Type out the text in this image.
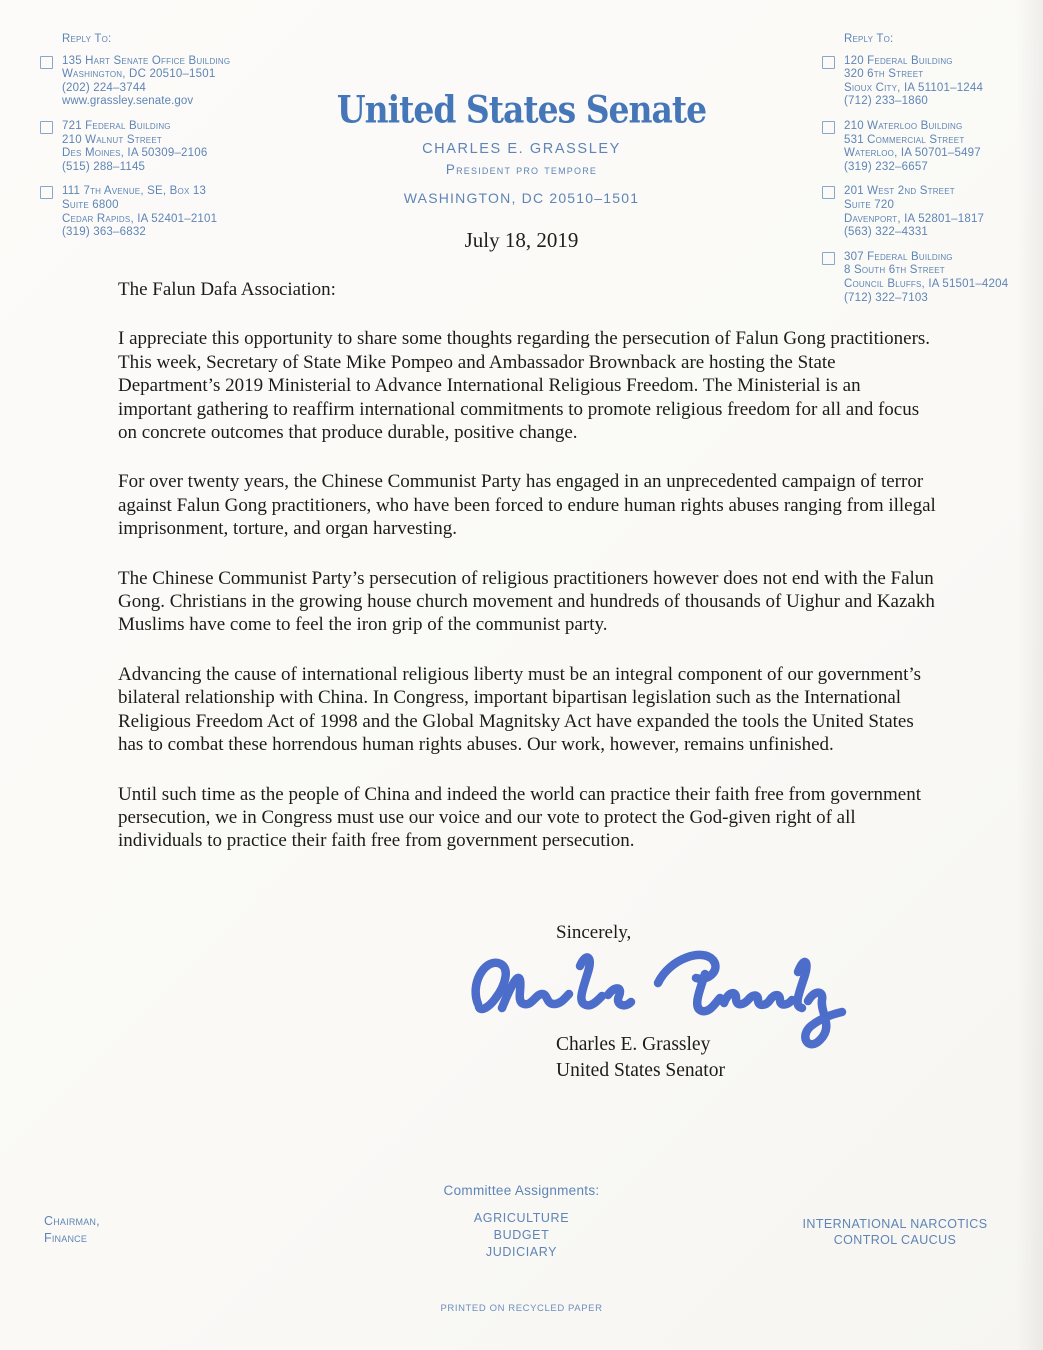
Reply To:
135 Hart Senate Office Building
Washington, DC 20510–1501
(202) 224–3744
www.grassley.senate.gov
721 Federal Building
210 Walnut Street
Des Moines, IA 50309–2106
(515) 288–1145
111 7th Avenue, SE, Box 13
Suite 6800
Cedar Rapids, IA 52401–2101
(319) 363–6832
Reply To:
120 Federal Building
320 6th Street
Sioux City, IA 51101–1244
(712) 233–1860
210 Waterloo Building
531 Commercial Street
Waterloo, IA 50701–5497
(319) 232–6657
201 West 2nd Street
Suite 720
Davenport, IA 52801–1817
(563) 322–4331
307 Federal Building
8 South 6th Street
Council Bluffs, IA 51501–4204
(712) 322–7103
United States Senate
CHARLES E. GRASSLEY
President pro tempore
WASHINGTON, DC 20510–1501
July 18, 2019

The Falun Dafa Association:

I appreciate this opportunity to share some thoughts regarding the persecution of Falun Gong practitioners. This week, Secretary of State Mike Pompeo and Ambassador Brownback are hosting the State Department’s 2019 Ministerial to Advance International Religious Freedom. The Ministerial is an important gathering to reaffirm international commitments to promote religious freedom for all and focus on concrete outcomes that produce durable, positive change.

For over twenty years, the Chinese Communist Party has engaged in an unprecedented campaign of terror against Falun Gong practitioners, who have been forced to endure human rights abuses ranging from illegal imprisonment, torture, and organ harvesting.

The Chinese Communist Party’s persecution of religious practitioners however does not end with the Falun Gong. Christians in the growing house church movement and hundreds of thousands of Uighur and Kazakh Muslims have come to feel the iron grip of the communist party.

Advancing the cause of international religious liberty must be an integral component of our government’s bilateral relationship with China. In Congress, important bipartisan legislation such as the International Religious Freedom Act of 1998 and the Global Magnitsky Act have expanded the tools the United States has to combat these horrendous human rights abuses. Our work, however, remains unfinished.

Until such time as the people of China and indeed the world can practice their faith free from government persecution, we in Congress must use our voice and our vote to protect the God-given right of all individuals to practice their faith free from government persecution.

Sincerely,
Charles E. Grassley
United States Senator
Chairman,
Finance
Committee Assignments:
AGRICULTURE
BUDGET
JUDICIARY
INTERNATIONAL NARCOTICS
CONTROL CAUCUS
PRINTED ON RECYCLED PAPER
